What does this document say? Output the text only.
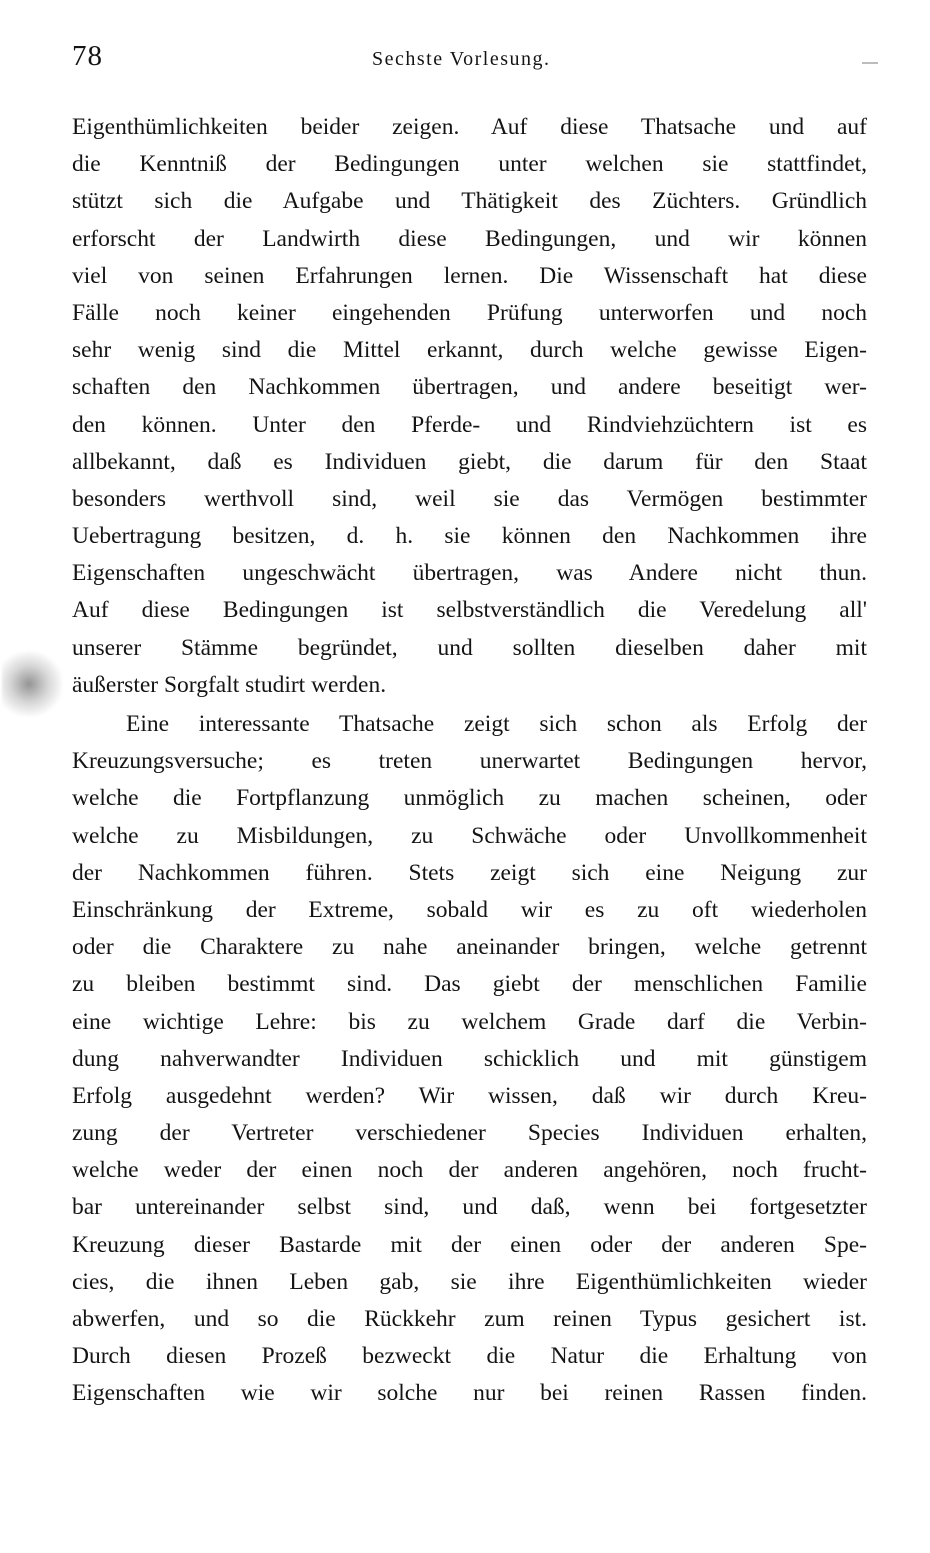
78	Sechste Vorlesung.
Eigenthümlichkeiten beider zeigen. Auf diese Thatsache und auf
die Kenntniß der Bedingungen unter welchen sie stattfindet,
stützt sich die Aufgabe und Thätigkeit des Züchters. Gründlich
erforscht der Landwirth diese Bedingungen, und wir können
viel von seinen Erfahrungen lernen. Die Wissenschaft hat diese
Fälle noch keiner eingehenden Prüfung unterworfen und noch
sehr wenig sind die Mittel erkannt, durch welche gewisse Eigen-
schaften den Nachkommen übertragen, und andere beseitigt wer-
den können. Unter den Pferde- und Rindviehzüchtern ist es
allbekannt, daß es Individuen giebt, die darum für den Staat
besonders werthvoll sind, weil sie das Vermögen bestimmter
Uebertragung besitzen, d. h. sie können den Nachkommen ihre
Eigenschaften ungeschwächt übertragen, was Andere nicht thun.
Auf diese Bedingungen ist selbstverständlich die Veredelung all'
unserer Stämme begründet, und sollten dieselben daher mit
äußerster Sorgfalt studirt werden.
Eine interessante Thatsache zeigt sich schon als Erfolg der
Kreuzungsversuche; es treten unerwartet Bedingungen hervor,
welche die Fortpflanzung unmöglich zu machen scheinen, oder
welche zu Misbildungen, zu Schwäche oder Unvollkommenheit
der Nachkommen führen. Stets zeigt sich eine Neigung zur
Einschränkung der Extreme, sobald wir es zu oft wiederholen
oder die Charaktere zu nahe aneinander bringen, welche getrennt
zu bleiben bestimmt sind. Das giebt der menschlichen Familie
eine wichtige Lehre: bis zu welchem Grade darf die Verbin-
dung nahverwandter Individuen schicklich und mit günstigem
Erfolg ausgedehnt werden? Wir wissen, daß wir durch Kreu-
zung der Vertreter verschiedener Species Individuen erhalten,
welche weder der einen noch der anderen angehören, noch frucht-
bar untereinander selbst sind, und daß, wenn bei fortgesetzter
Kreuzung dieser Bastarde mit der einen oder der anderen Spe-
cies, die ihnen Leben gab, sie ihre Eigenthümlichkeiten wieder
abwerfen, und so die Rückkehr zum reinen Typus gesichert ist.
Durch diesen Prozeß bezweckt die Natur die Erhaltung von
Eigenschaften wie wir solche nur bei reinen Rassen finden.
